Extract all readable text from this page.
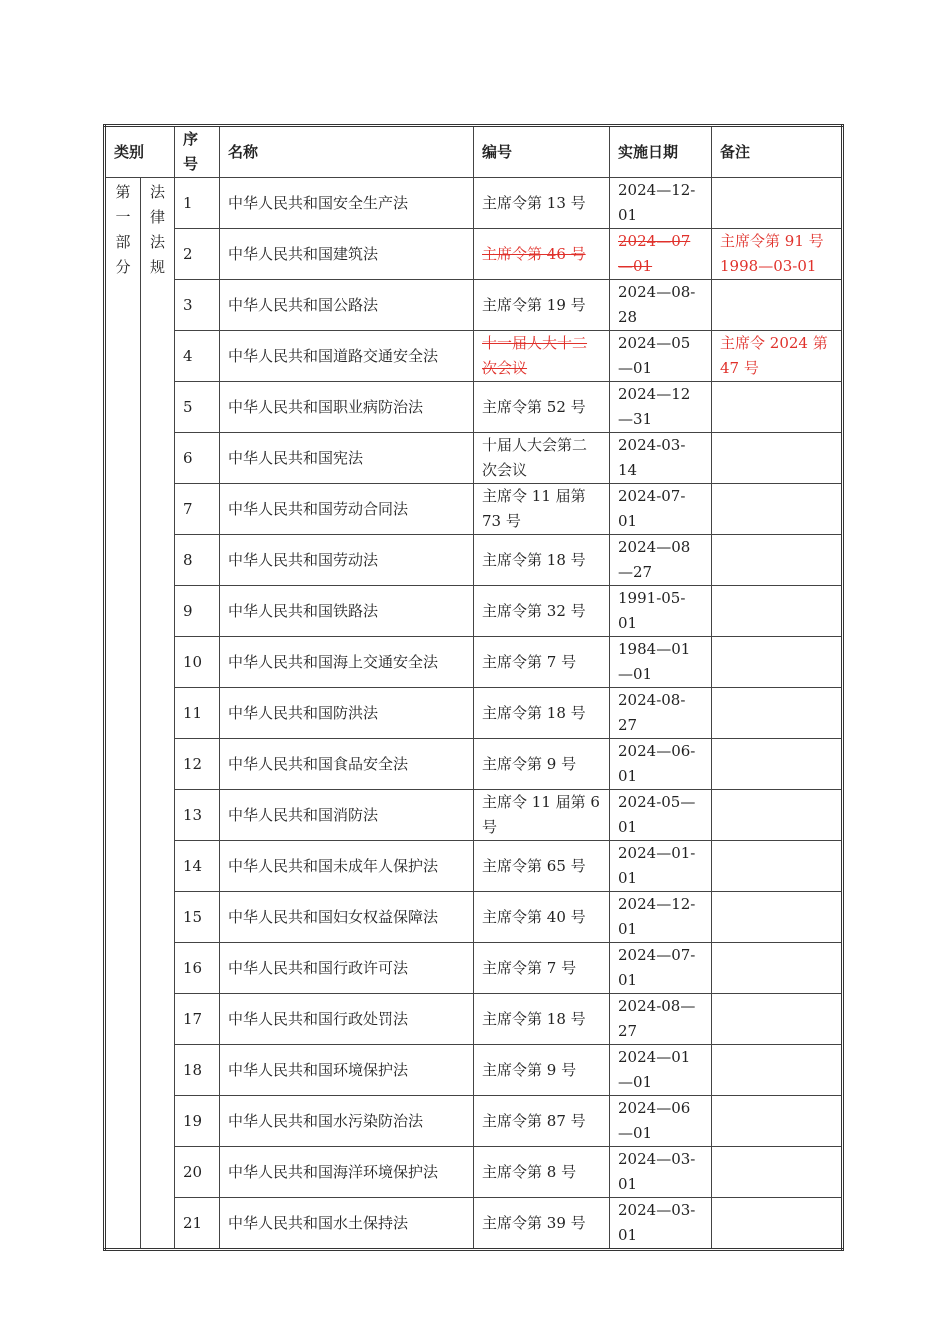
类别		序号	名称	编号	实施日期	备注
第一部分	法律法规	1	中华人民共和国安全生产法	主席令第 13 号	2024—12-01	
		2	中华人民共和国建筑法	主席令第 46 号	2024—07—01	主席令第 91 号 1998—03-01
		3	中华人民共和国公路法	主席令第 19 号	2024—08-28	
		4	中华人民共和国道路交通安全法	十一届人大十二次会议	2024—05—01	主席令 2024 第 47 号
		5	中华人民共和国职业病防治法	主席令第 52 号	2024—12—31	
		6	中华人民共和国宪法	十届人大会第二次会议	2024-03-14	
		7	中华人民共和国劳动合同法	主席令 11 届第 73 号	2024-07-01	
		8	中华人民共和国劳动法	主席令第 18 号	2024—08—27	
		9	中华人民共和国铁路法	主席令第 32 号	1991-05-01	
		10	中华人民共和国海上交通安全法	主席令第 7 号	1984—01—01	
		11	中华人民共和国防洪法	主席令第 18 号	2024-08-27	
		12	中华人民共和国食品安全法	主席令第 9 号	2024—06-01	
		13	中华人民共和国消防法	主席令 11 届第 6 号	2024-05—01	
		14	中华人民共和国未成年人保护法	主席令第 65 号	2024—01-01	
		15	中华人民共和国妇女权益保障法	主席令第 40 号	2024—12-01	
		16	中华人民共和国行政许可法	主席令第 7 号	2024—07-01	
		17	中华人民共和国行政处罚法	主席令第 18 号	2024-08—27	
		18	中华人民共和国环境保护法	主席令第 9 号	2024—01—01	
		19	中华人民共和国水污染防治法	主席令第 87 号	2024—06—01	
		20	中华人民共和国海洋环境保护法	主席令第 8 号	2024—03-01	
		21	中华人民共和国水土保持法	主席令第 39 号	2024—03-01	
